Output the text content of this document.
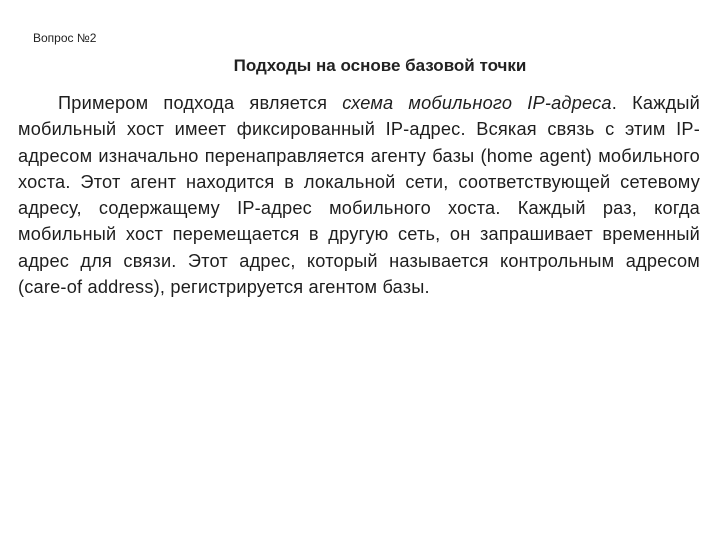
Вопрос №2
Подходы на основе базовой точки

Примером подхода является схема мобильного IP-адреса. Каждый мобильный хост имеет фиксированный IP-адрес. Всякая связь с этим IP-адресом изначально перенаправляется агенту базы (home agent) мобильного хоста. Этот агент находится в локальной сети, соответствующей сетевому адресу, содержащему IP-адрес мобильного хоста. Каждый раз, когда мобильный хост перемещается в другую сеть, он запрашивает временный адрес для связи. Этот адрес, который называется контрольным адресом (care-of address), регистрируется агентом базы.
